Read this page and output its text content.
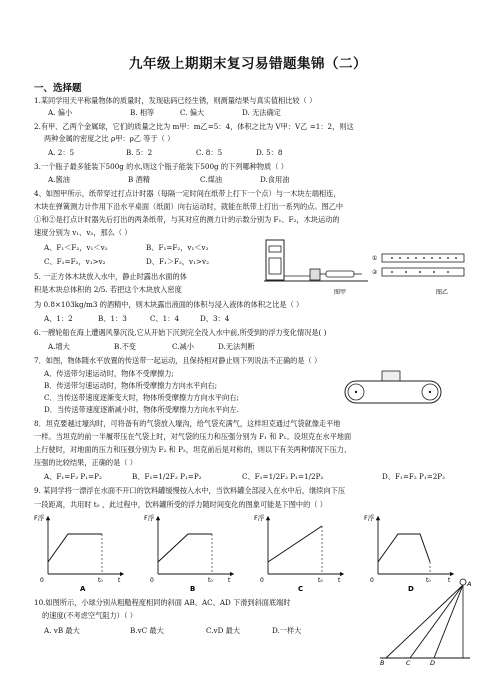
九年级上期期末复习易错题集锦（二）
一、选择题
1.某同学用天平称量物体的质量时，发现砝码已经生锈，则测量结果与真实值相比较（ ）
A. 偏小	B. 相等	C. 偏大	D. 无法确定
2.有甲、乙两个金属球，它们的质量之比为 m甲：m乙=5：4，体积之比为 V甲：V乙 =1：2，则这
两种金属的密度之比 ρ甲：ρ乙 等于（ ）
A. 2：5	B. 5：2	C. 8：5	D. 5：8
3.一个瓶子最多能装下500g 的水,则这个瓶子能装下500g 的下列哪种物质（ ）
A.酱油	B 酒精	C.煤油	D.食用油
4、如图甲所示，纸带穿过打点计时器（每隔一定时间在纸带上打下一个点）与一木块左端相连，
木块在弹簧测力计作用下沿水平桌面（纸面）向右运动时，就能在纸带上打出一系列的点。图乙中
①和②是打点计时器先后打出的两条纸带，与其对应的测力计的示数分别为 F₁、F₂，木块运动的
速度分别为 v₁、v₂，那么（ ）
A、F₁＜F₂，v₁＜v₂	B、F₁=F₂，v₁＜v₂
C、F₁=F₂，v₁>v₂	D、F₁＞F₂，v₁>v₂
图甲
①
②
图乙
5. 一正方体木块放入水中，静止时露出水面的体
积是木块总体积的 2/5. 若把这个木块放入密度
为 0.8×103kg/m3 的酒精中，则木块露出液面的体积与浸入液体的体积之比是（ ）
A、1：2	B、1：3	C、1：4	D、3：4
6.一艘轮船在海上遭遇风暴沉没,它从开始下沉到完全没入水中前,所受到的浮力变化情况是( )
A.增大	B.不变	C.减小	D.无法判断
7．如图，物体随水平放置的传送带一起运动，且保持相对静止则下列说法不正确的是（ ）
A．传送带匀速运动时，物体不受摩擦力;
B．传送带匀速运动时，物体所受摩擦力方向水平向右;
C．当传送带速度逐渐变大时，物体所受摩擦力方向水平向右;
D．当传送带速度逐渐减小时，物体所受摩擦力方向水平向左.
8．坦克要越过壕沟时，可将备有的气袋放入壕沟，给气袋充满气，这样坦克通过气袋就像走平地
一样。当坦克的前一半履带压在气袋上时，对气袋的压力和压强分别为 F₁ 和 P₁。设坦克在水平地面
上行驶时，对地面的压力和压强分别为 F₂ 和 P₂，坦克前后是对称的，则以下有关两种情况下压力、
压强的比较结果，正确的是（ ）
A、F₁=F₂ P₁=P₂	B、F₁=1/2F₂ P₁=P₂	C、F₁=1/2F₂ P₁=1/2P₂	D、F₁=F₂ P₁=2P₂
9. 某同学将一漂浮在水面不开口的饮料罐缓慢按入水中，当饮料罐全部浸入在水中后，继续向下压
一段距离，共用时 t₀ ，此过程中，饮料罐所受的浮力随时间变化的图象可能是下图中的（ ）
F浮
0	t₀	t
A
F浮
0	t₀	t
B
F浮
0	t₀	t
C
F浮
0	t₀	t
D
10.如图所示，小球分别从粗糙程度相同的斜面 AB、AC、AD 下滑到斜面底端时
的速度(不考虑空气阻力）（ ）
A. vB 最大	B.vC 最大	C.vD 最大	D.一样大
A
B	C	D
